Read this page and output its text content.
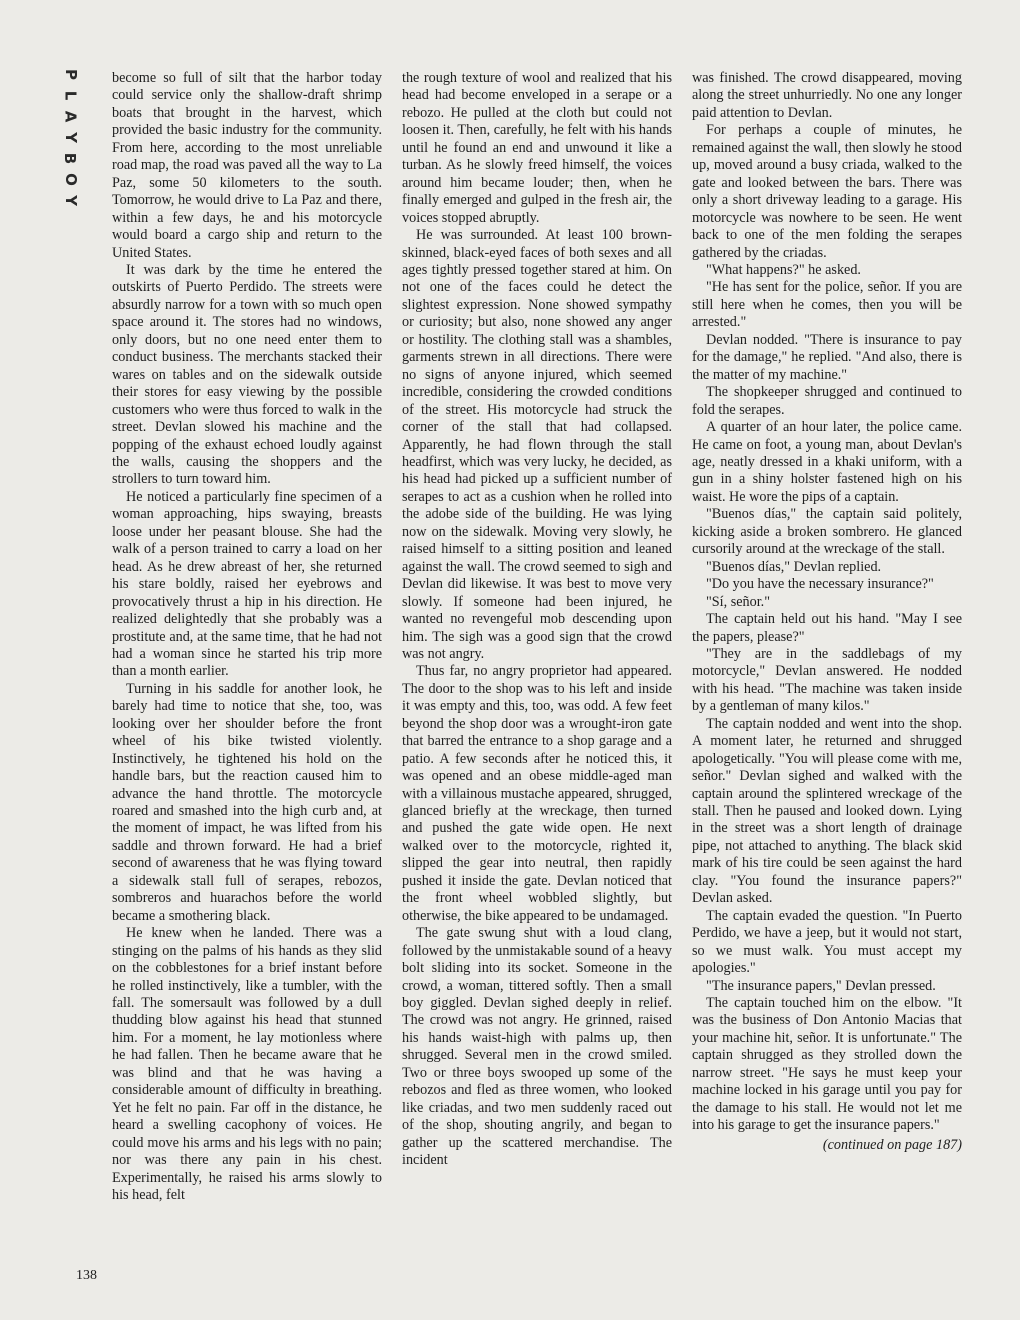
P
L
A
Y
B
O
Y

become so full of silt that the harbor today could service only the shallow-draft shrimp boats that brought in the harvest, which provided the basic industry for the community. From here, according to the most unreliable road map, the road was paved all the way to La Paz, some 50 kilometers to the south. Tomorrow, he would drive to La Paz and there, within a few days, he and his motorcycle would board a cargo ship and return to the United States.

It was dark by the time he entered the outskirts of Puerto Perdido. The streets were absurdly narrow for a town with so much open space around it. The stores had no windows, only doors, but no one need enter them to conduct business. The merchants stacked their wares on tables and on the sidewalk outside their stores for easy viewing by the possible customers who were thus forced to walk in the street. Devlan slowed his machine and the popping of the exhaust echoed loudly against the walls, causing the shoppers and the strollers to turn toward him.

He noticed a particularly fine specimen of a woman approaching, hips swaying, breasts loose under her peasant blouse. She had the walk of a person trained to carry a load on her head. As he drew abreast of her, she returned his stare boldly, raised her eyebrows and provocatively thrust a hip in his direction. He realized delightedly that she probably was a prostitute and, at the same time, that he had not had a woman since he started his trip more than a month earlier.

Turning in his saddle for another look, he barely had time to notice that she, too, was looking over her shoulder before the front wheel of his bike twisted violently. Instinctively, he tightened his hold on the handle bars, but the reaction caused him to advance the hand throttle. The motorcycle roared and smashed into the high curb and, at the moment of impact, he was lifted from his saddle and thrown forward. He had a brief second of awareness that he was flying toward a sidewalk stall full of serapes, rebozos, sombreros and huarachos before the world became a smothering black.

He knew when he landed. There was a stinging on the palms of his hands as they slid on the cobblestones for a brief instant before he rolled instinctively, like a tumbler, with the fall. The somersault was followed by a dull thudding blow against his head that stunned him. For a moment, he lay motionless where he had fallen. Then he became aware that he was blind and that he was having a considerable amount of difficulty in breathing. Yet he felt no pain. Far off in the distance, he heard a swelling cacophony of voices. He could move his arms and his legs with no pain; nor was there any pain in his chest. Experimentally, he raised his arms slowly to his head, felt

the rough texture of wool and realized that his head had become enveloped in a serape or a rebozo. He pulled at the cloth but could not loosen it. Then, carefully, he felt with his hands until he found an end and unwound it like a turban. As he slowly freed himself, the voices around him became louder; then, when he finally emerged and gulped in the fresh air, the voices stopped abruptly.

He was surrounded. At least 100 brown-skinned, black-eyed faces of both sexes and all ages tightly pressed together stared at him. On not one of the faces could he detect the slightest expression. None showed sympathy or curiosity; but also, none showed any anger or hostility. The clothing stall was a shambles, garments strewn in all directions. There were no signs of anyone injured, which seemed incredible, considering the crowded conditions of the street. His motorcycle had struck the corner of the stall that had collapsed. Apparently, he had flown through the stall headfirst, which was very lucky, he decided, as his head had picked up a sufficient number of serapes to act as a cushion when he rolled into the adobe side of the building. He was lying now on the sidewalk. Moving very slowly, he raised himself to a sitting position and leaned against the wall. The crowd seemed to sigh and Devlan did likewise. It was best to move very slowly. If someone had been injured, he wanted no revengeful mob descending upon him. The sigh was a good sign that the crowd was not angry.

Thus far, no angry proprietor had appeared. The door to the shop was to his left and inside it was empty and this, too, was odd. A few feet beyond the shop door was a wrought-iron gate that barred the entrance to a shop garage and a patio. A few seconds after he noticed this, it was opened and an obese middle-aged man with a villainous mustache appeared, shrugged, glanced briefly at the wreckage, then turned and pushed the gate wide open. He next walked over to the motorcycle, righted it, slipped the gear into neutral, then rapidly pushed it inside the gate. Devlan noticed that the front wheel wobbled slightly, but otherwise, the bike appeared to be undamaged.

The gate swung shut with a loud clang, followed by the unmistakable sound of a heavy bolt sliding into its socket. Someone in the crowd, a woman, tittered softly. Then a small boy giggled. Devlan sighed deeply in relief. The crowd was not angry. He grinned, raised his hands waist-high with palms up, then shrugged. Several men in the crowd smiled. Two or three boys swooped up some of the rebozos and fled as three women, who looked like criadas, and two men suddenly raced out of the shop, shouting angrily, and began to gather up the scattered merchandise. The incident

was finished. The crowd disappeared, moving along the street unhurriedly. No one any longer paid attention to Devlan.

For perhaps a couple of minutes, he remained against the wall, then slowly he stood up, moved around a busy criada, walked to the gate and looked between the bars. There was only a short driveway leading to a garage. His motorcycle was nowhere to be seen. He went back to one of the men folding the serapes gathered by the criadas.

"What happens?" he asked.

"He has sent for the police, señor. If you are still here when he comes, then you will be arrested."

Devlan nodded. "There is insurance to pay for the damage," he replied. "And also, there is the matter of my machine."

The shopkeeper shrugged and continued to fold the serapes.

A quarter of an hour later, the police came. He came on foot, a young man, about Devlan's age, neatly dressed in a khaki uniform, with a gun in a shiny holster fastened high on his waist. He wore the pips of a captain.

"Buenos días," the captain said politely, kicking aside a broken sombrero. He glanced cursorily around at the wreckage of the stall.

"Buenos días," Devlan replied.

"Do you have the necessary insurance?"

"Sí, señor."

The captain held out his hand. "May I see the papers, please?"

"They are in the saddlebags of my motorcycle," Devlan answered. He nodded with his head. "The machine was taken inside by a gentleman of many kilos."

The captain nodded and went into the shop. A moment later, he returned and shrugged apologetically. "You will please come with me, señor." Devlan sighed and walked with the captain around the splintered wreckage of the stall. Then he paused and looked down. Lying in the street was a short length of drainage pipe, not attached to anything. The black skid mark of his tire could be seen against the hard clay. "You found the insurance papers?" Devlan asked.

The captain evaded the question. "In Puerto Perdido, we have a jeep, but it would not start, so we must walk. You must accept my apologies."

"The insurance papers," Devlan pressed.

The captain touched him on the elbow. "It was the business of Don Antonio Macias that your machine hit, señor. It is unfortunate." The captain shrugged as they strolled down the narrow street. "He says he must keep your machine locked in his garage until you pay for the damage to his stall. He would not let me into his garage to get the insurance papers."

(continued on page 187)

138
